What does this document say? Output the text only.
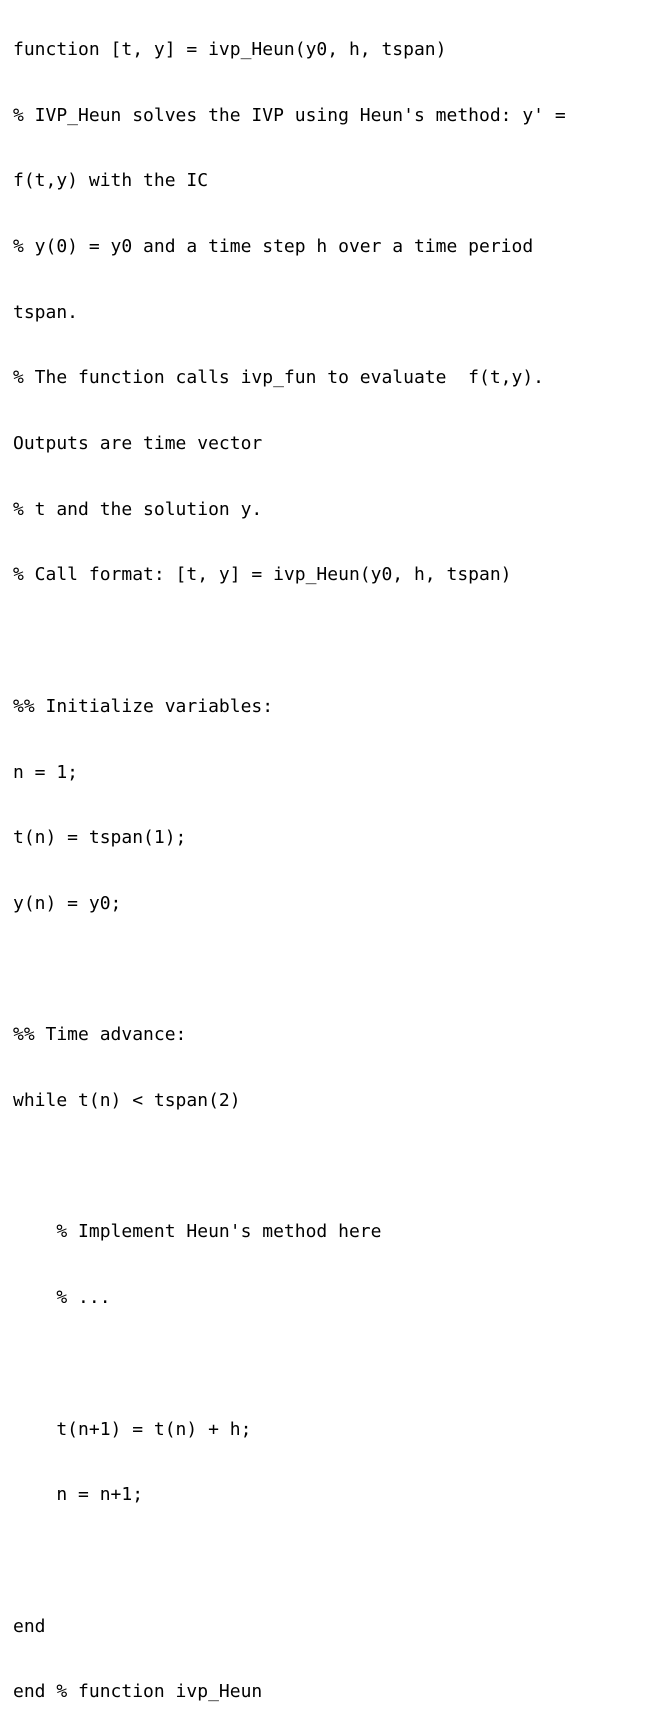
function [t, y] = ivp_Heun(y0, h, tspan)

% IVP_Heun solves the IVP using Heun's method: y' =

f(t,y) with the IC

% y(0) = y0 and a time step h over a time period

tspan.

% The function calls ivp_fun to evaluate  f(t,y).

Outputs are time vector

% t and the solution y.

% Call format: [t, y] = ivp_Heun(y0, h, tspan)

%% Initialize variables:

n = 1;

t(n) = tspan(1);

y(n) = y0;

%% Time advance:

while t(n) < tspan(2)

% Implement Heun's method here

% ...

t(n+1) = t(n) + h;

n = n+1;

end

end % function ivp_Heun
